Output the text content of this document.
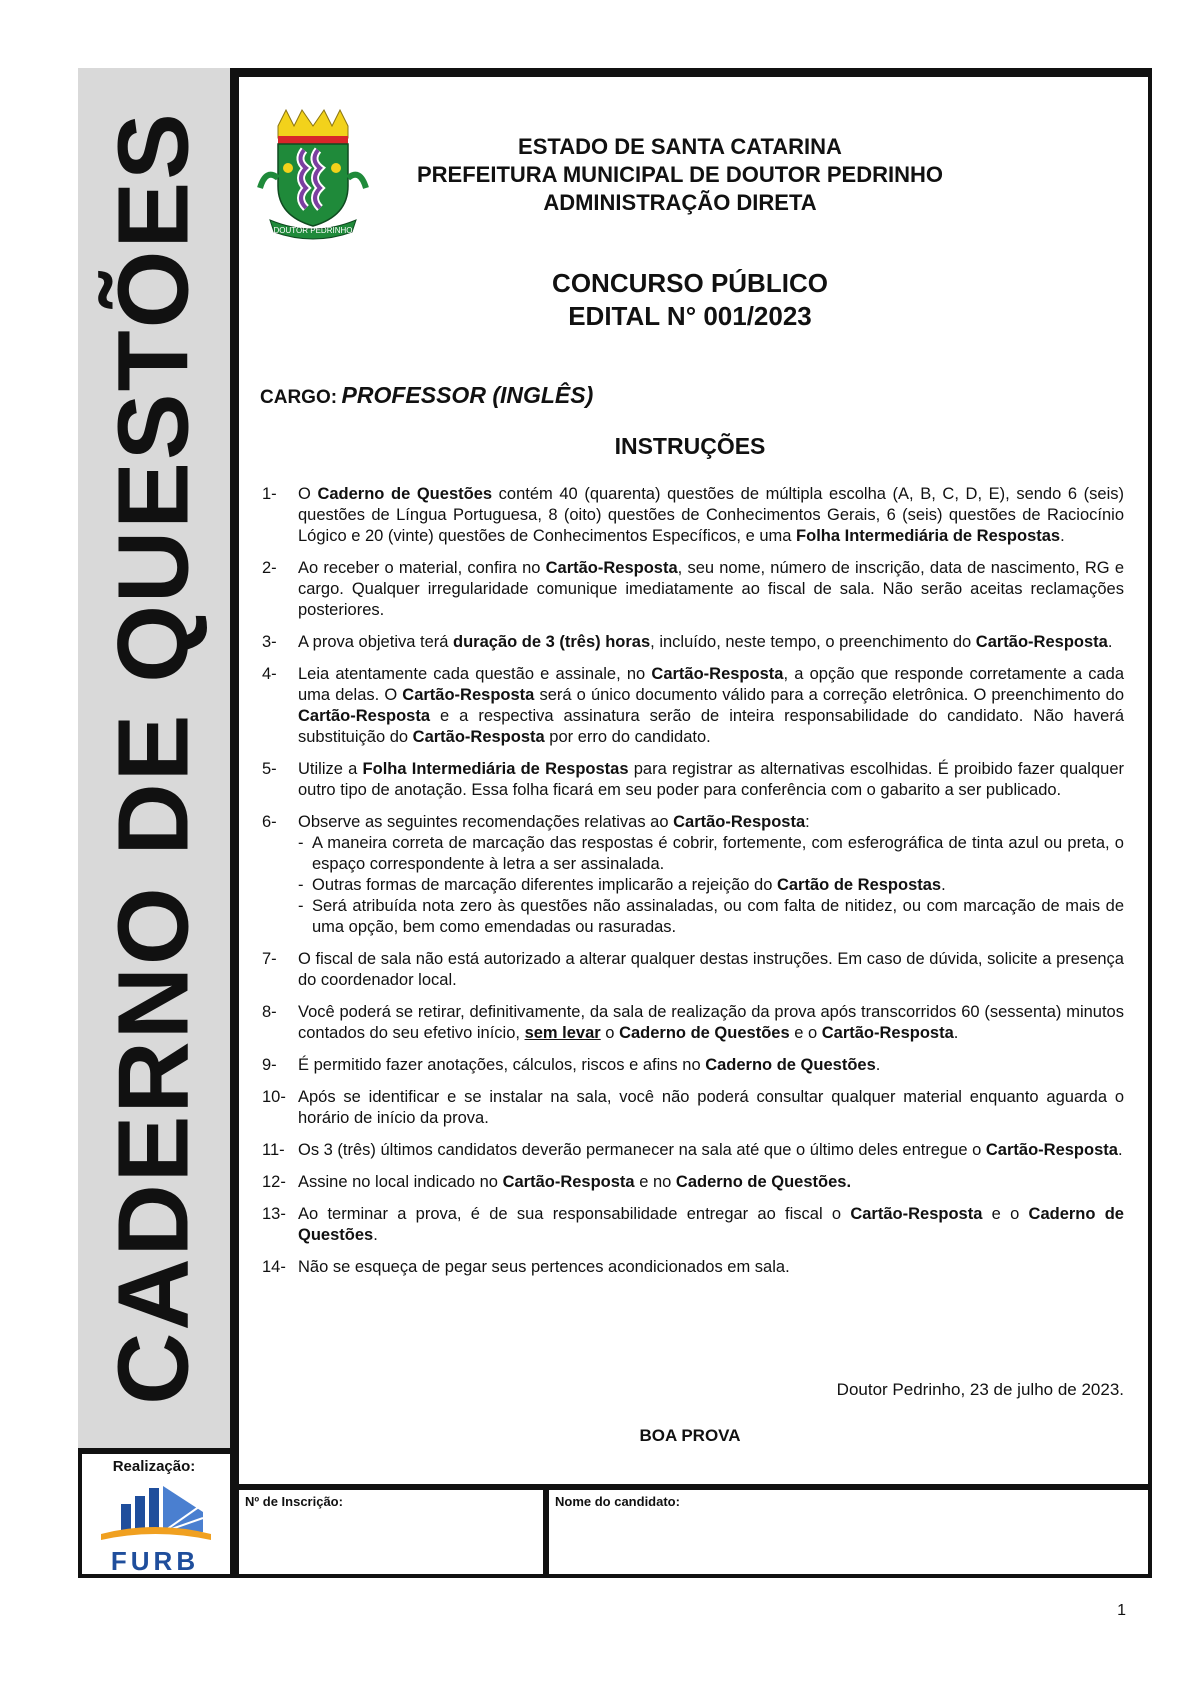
CADERNO DE QUESTÕES
Realização:
FURB
DOUTOR PEDRINHO
ESTADO DE SANTA CATARINA
PREFEITURA MUNICIPAL DE DOUTOR PEDRINHO
ADMINISTRAÇÃO DIRETA
CONCURSO PÚBLICO
EDITAL N° 001/2023
CARGO: PROFESSOR (INGLÊS)
INSTRUÇÕES
1- O Caderno de Questões contém 40 (quarenta) questões de múltipla escolha (A, B, C, D, E), sendo 6 (seis) questões de Língua Portuguesa, 8 (oito) questões de Conhecimentos Gerais, 6 (seis) questões de Raciocínio Lógico e 20 (vinte) questões de Conhecimentos Específicos, e uma Folha Intermediária de Respostas.
2- Ao receber o material, confira no Cartão-Resposta, seu nome, número de inscrição, data de nascimento, RG e cargo. Qualquer irregularidade comunique imediatamente ao fiscal de sala. Não serão aceitas reclamações posteriores.
3- A prova objetiva terá duração de 3 (três) horas, incluído, neste tempo, o preenchimento do Cartão-Resposta.
4- Leia atentamente cada questão e assinale, no Cartão-Resposta, a opção que responde corretamente a cada uma delas. O Cartão-Resposta será o único documento válido para a correção eletrônica. O preenchimento do Cartão-Resposta e a respectiva assinatura serão de inteira responsabilidade do candidato. Não haverá substituição do Cartão-Resposta por erro do candidato.
5- Utilize a Folha Intermediária de Respostas para registrar as alternativas escolhidas. É proibido fazer qualquer outro tipo de anotação. Essa folha ficará em seu poder para conferência com o gabarito a ser publicado.
6- Observe as seguintes recomendações relativas ao Cartão-Resposta:
- A maneira correta de marcação das respostas é cobrir, fortemente, com esferográfica de tinta azul ou preta, o espaço correspondente à letra a ser assinalada.
- Outras formas de marcação diferentes implicarão a rejeição do Cartão de Respostas.
- Será atribuída nota zero às questões não assinaladas, ou com falta de nitidez, ou com marcação de mais de uma opção, bem como emendadas ou rasuradas.
7- O fiscal de sala não está autorizado a alterar qualquer destas instruções. Em caso de dúvida, solicite a presença do coordenador local.
8- Você poderá se retirar, definitivamente, da sala de realização da prova após transcorridos 60 (sessenta) minutos contados do seu efetivo início, sem levar o Caderno de Questões e o Cartão-Resposta.
9- É permitido fazer anotações, cálculos, riscos e afins no Caderno de Questões.
10- Após se identificar e se instalar na sala, você não poderá consultar qualquer material enquanto aguarda o horário de início da prova.
11- Os 3 (três) últimos candidatos deverão permanecer na sala até que o último deles entregue o Cartão-Resposta.
12- Assine no local indicado no Cartão-Resposta e no Caderno de Questões.
13- Ao terminar a prova, é de sua responsabilidade entregar ao fiscal o Cartão-Resposta e o Caderno de Questões.
14- Não se esqueça de pegar seus pertences acondicionados em sala.
Doutor Pedrinho, 23 de julho de 2023.
BOA PROVA
Nº de Inscrição:	Nome do candidato:
1
